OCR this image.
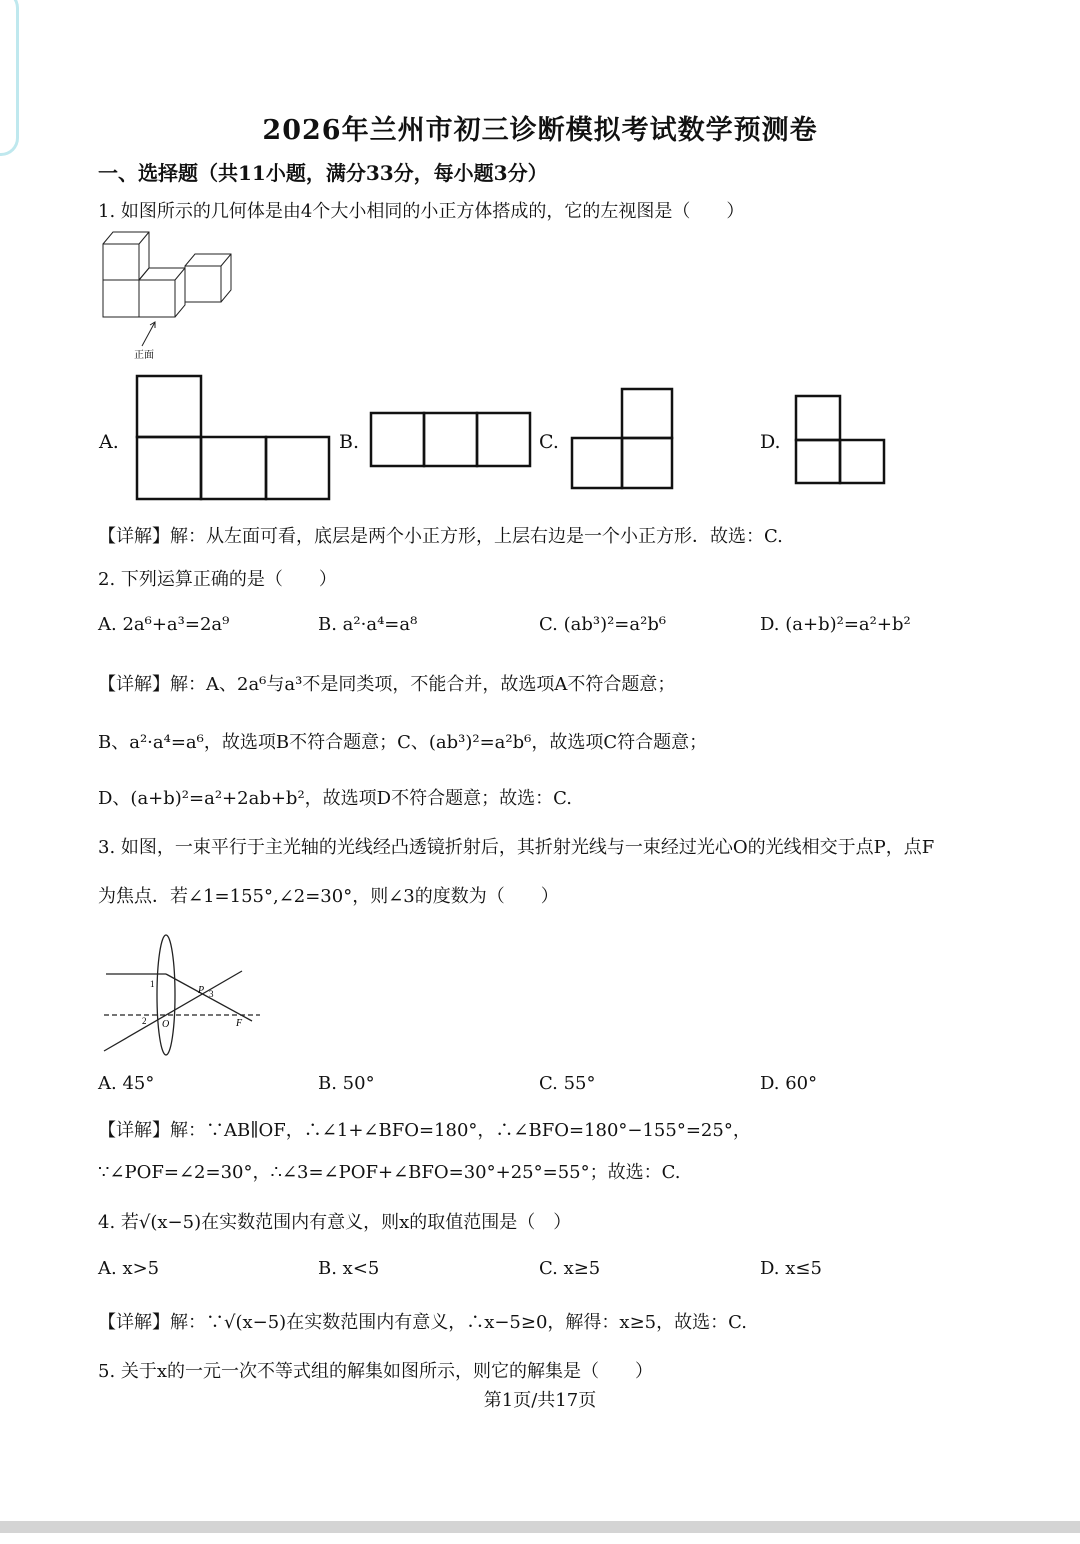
2026年兰州市初三诊断模拟考试数学预测卷
一、选择题（共11小题，满分33分，每小题3分）
1. 如图所示的几何体是由4个大小相同的小正方体搭成的，它的左视图是（　　）
正面
A.	B.	C.	D.
【详解】解：从左面可看，底层是两个小正方形，上层右边是一个小正方形．故选：C.
2. 下列运算正确的是（　　）
A. 2a⁶+a³=2a⁹	B. a²·a⁴=a⁸	C. (ab³)²=a²b⁶	D. (a+b)²=a²+b²
【详解】解：A、2a⁶与a³不是同类项，不能合并，故选项A不符合题意；
B、a²·a⁴=a⁶，故选项B不符合题意；C、(ab³)²=a²b⁶，故选项C符合题意；
D、(a+b)²=a²+2ab+b²，故选项D不符合题意；故选：C.
3. 如图，一束平行于主光轴的光线经凸透镜折射后，其折射光线与一束经过光心O的光线相交于点P，点F
为焦点．若∠1=155°,∠2=30°，则∠3的度数为（　　）
1
2
3
P
O	F
A. 45°	B. 50°	C. 55°	D. 60°
【详解】解：∵AB∥OF，∴∠1+∠BFO=180°，∴∠BFO=180°−155°=25°，
∵∠POF=∠2=30°，∴∠3=∠POF+∠BFO=30°+25°=55°；故选：C.
4. 若√(x−5)在实数范围内有意义，则x的取值范围是（　）
A. x>5	B. x<5	C. x≥5	D. x≤5
【详解】解：∵√(x−5)在实数范围内有意义，∴x−5≥0，解得：x≥5，故选：C.
5. 关于x的一元一次不等式组的解集如图所示，则它的解集是（　　）
第1页/共17页
